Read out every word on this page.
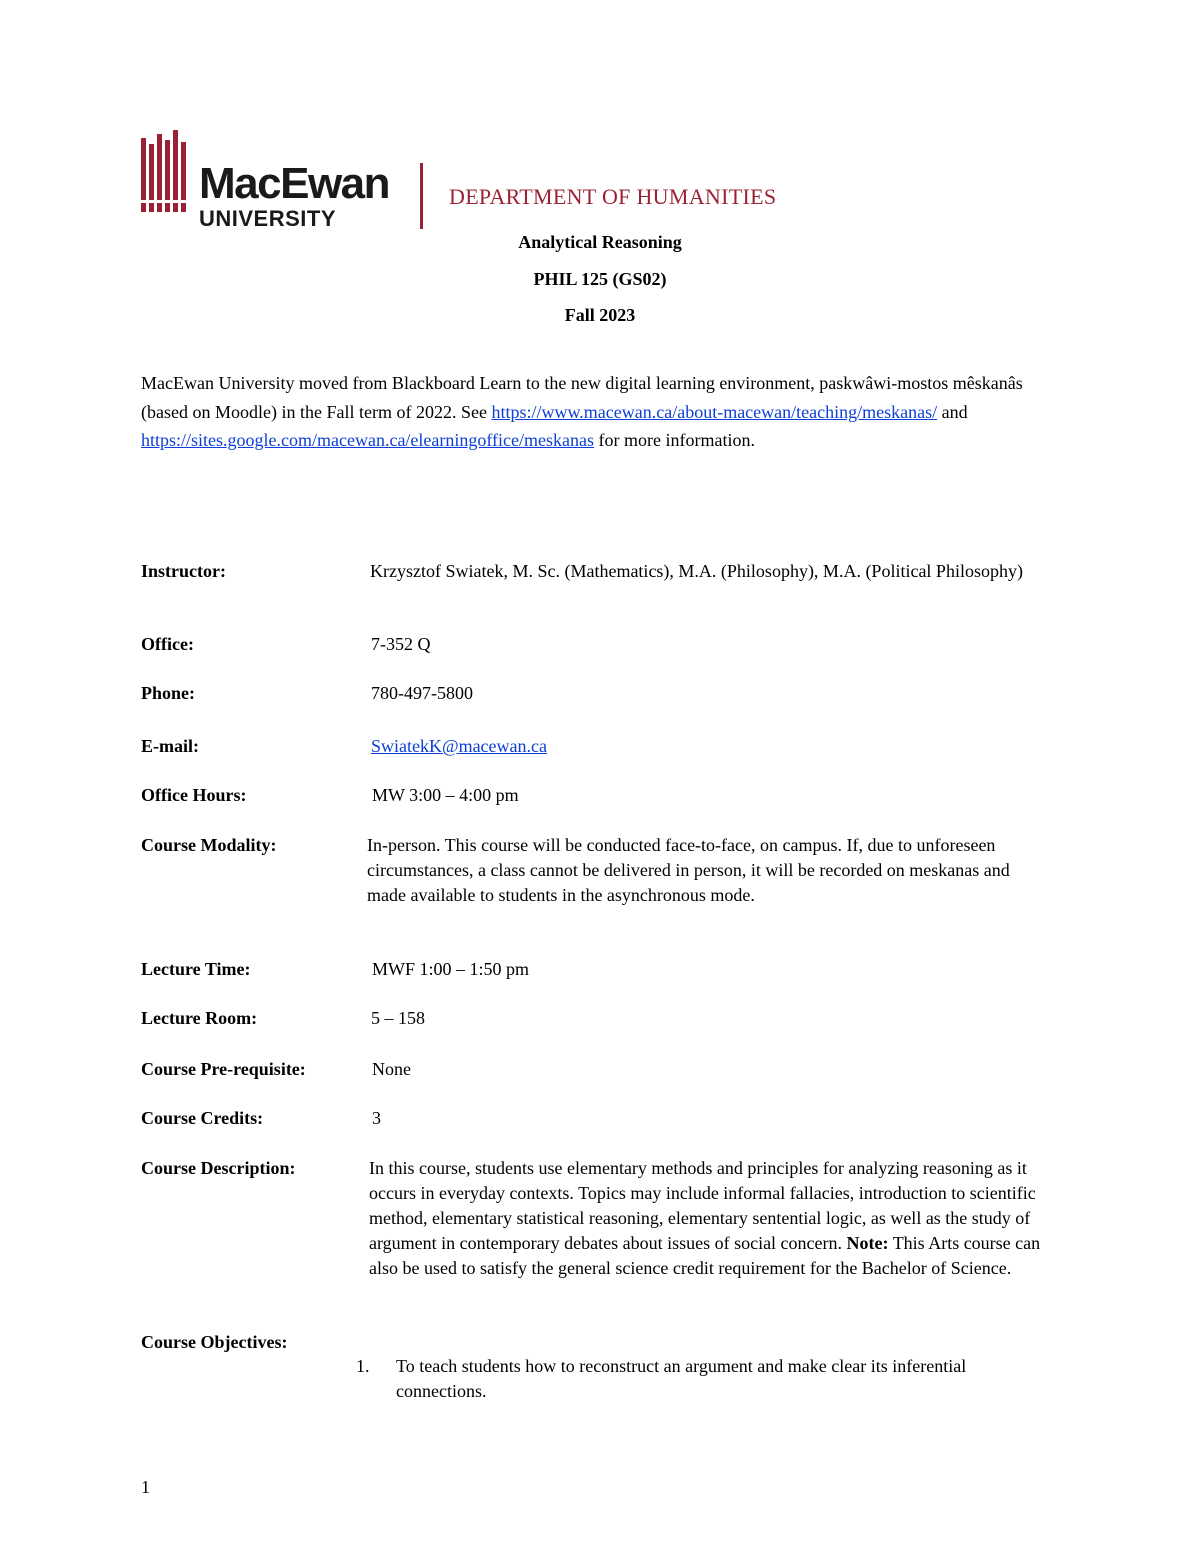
MacEwan
UNIVERSITY
DEPARTMENT OF HUMANITIES
Analytical Reasoning
PHIL 125 (GS02)
Fall 2023
MacEwan University moved from Blackboard Learn to the new digital learning environment, paskwâwi-mostos mêskanâs (based on Moodle) in the Fall term of 2022. See https://www.macewan.ca/about-macewan/teaching/meskanas/ and https://sites.google.com/macewan.ca/elearningoffice/meskanas for more information.
Instructor:	Krzysztof Swiatek, M. Sc. (Mathematics), M.A. (Philosophy), M.A. (Political Philosophy)
Office:	7-352 Q
Phone:	780-497-5800
E-mail:	SwiatekK@macewan.ca
Office Hours:	MW 3:00 – 4:00 pm
Course Modality:	In-person. This course will be conducted face-to-face, on campus. If, due to unforeseen circumstances, a class cannot be delivered in person, it will be recorded on meskanas and made available to students in the asynchronous mode.
Lecture Time:	MWF 1:00 – 1:50 pm
Lecture Room:	5 – 158
Course Pre-requisite:	None
Course Credits:	3
Course Description:	In this course, students use elementary methods and principles for analyzing reasoning as it occurs in everyday contexts. Topics may include informal fallacies, introduction to scientific method, elementary statistical reasoning, elementary sentential logic, as well as the study of argument in contemporary debates about issues of social concern. Note: This Arts course can also be used to satisfy the general science credit requirement for the Bachelor of Science.
Course Objectives:
1.	To teach students how to reconstruct an argument and make clear its inferential connections.
1
